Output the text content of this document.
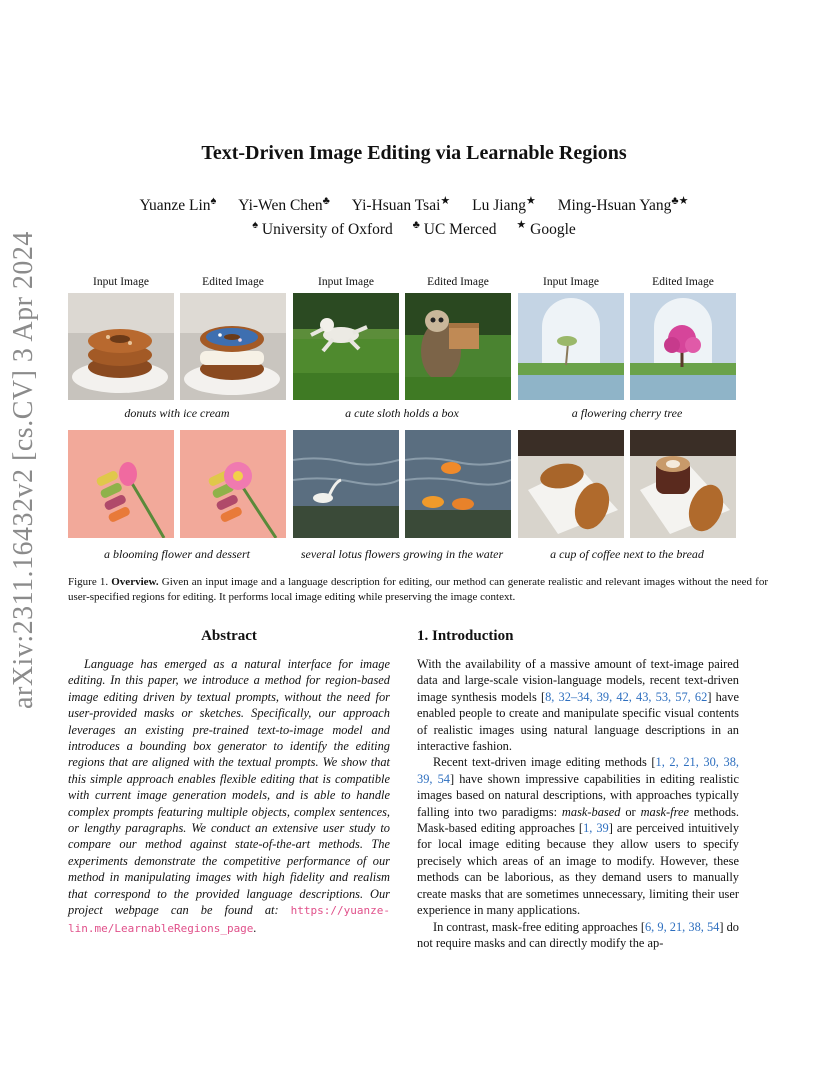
arXiv:2311.16432v2 [cs.CV] 3 Apr 2024
Text-Driven Image Editing via Learnable Regions
Yuanze Lin♠ Yi-Wen Chen♣ Yi-Hsuan Tsai★ Lu Jiang★ Ming-Hsuan Yang♣★
♠ University of Oxford ♣ UC Merced ★ Google
Input Image	Edited Image	Input Image	Edited Image	Input Image	Edited Image
donuts with ice cream	a cute sloth holds a box	a flowering cherry tree
a blooming flower and dessert	several lotus flowers growing in the water	a cup of coffee next to the bread
Figure 1. Overview. Given an input image and a language description for editing, our method can generate realistic and relevant images without the need for user-specified regions for editing. It performs local image editing while preserving the image context.
Abstract
Language has emerged as a natural interface for image editing. In this paper, we introduce a method for region-based image editing driven by textual prompts, without the need for user-provided masks or sketches. Specifically, our approach leverages an existing pre-trained text-to-image model and introduces a bounding box generator to identify the editing regions that are aligned with the textual prompts. We show that this simple approach enables flexible editing that is compatible with current image generation models, and is able to handle complex prompts featuring multiple objects, complex sentences, or lengthy paragraphs. We conduct an extensive user study to compare our method against state-of-the-art methods. The experiments demonstrate the competitive performance of our method in manipulating images with high fidelity and realism that correspond to the provided language descriptions. Our project webpage can be found at: https://yuanze-lin.me/LearnableRegions_page.
1. Introduction
With the availability of a massive amount of text-image paired data and large-scale vision-language models, recent text-driven image synthesis models [8, 32–34, 39, 42, 43, 53, 57, 62] have enabled people to create and manipulate specific visual contents of realistic images using natural language descriptions in an interactive fashion.
Recent text-driven image editing methods [1, 2, 21, 30, 38, 39, 54] have shown impressive capabilities in editing realistic images based on natural descriptions, with approaches typically falling into two paradigms: mask-based or mask-free methods. Mask-based editing approaches [1, 39] are perceived intuitively for local image editing because they allow users to specify precisely which areas of an image to modify. However, these methods can be laborious, as they demand users to manually create masks that are sometimes unnecessary, limiting their user experience in many applications.
In contrast, mask-free editing approaches [6, 9, 21, 38, 54] do not require masks and can directly modify the ap-
